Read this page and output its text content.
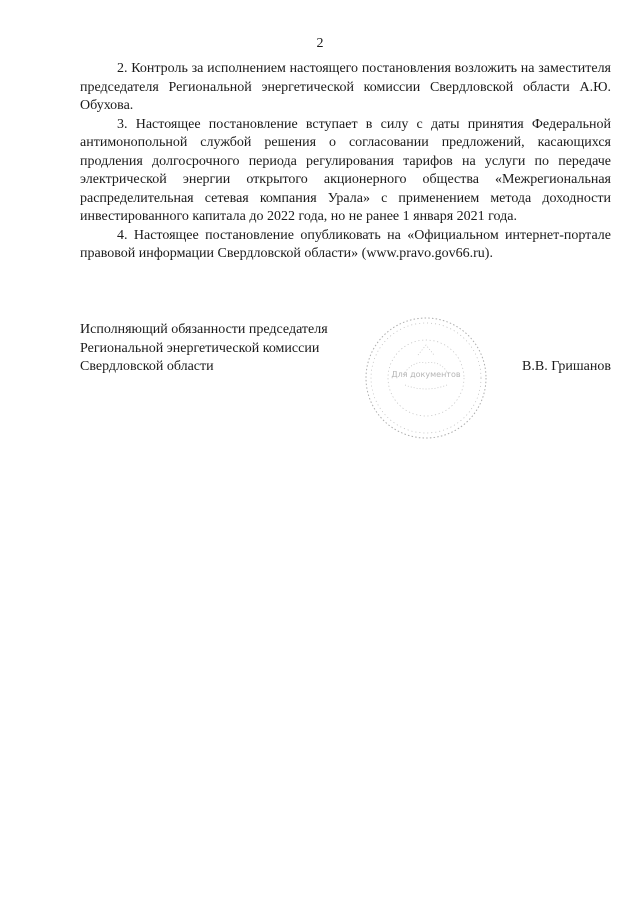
2

2. Контроль за исполнением настоящего постановления возложить на заместителя председателя Региональной энергетической комиссии Свердловской области А.Ю. Обухова.

3. Настоящее постановление вступает в силу с даты принятия Федеральной антимонопольной службой решения о согласовании предложений, касающихся продления долгосрочного периода регулирования тарифов на услуги по передаче электрической энергии открытого акционерного общества «Межрегиональная распределительная сетевая компания Урала» с применением метода доходности инвестированного капитала до 2022 года, но не ранее 1 января 2021 года.

4. Настоящее постановление опубликовать на «Официальном интернет-портале правовой информации Свердловской области» (www.pravo.gov66.ru).

Исполняющий обязанности председателя
Региональной энергетической комиссии
Свердловской области
Для документов
В.В. Гришанов
